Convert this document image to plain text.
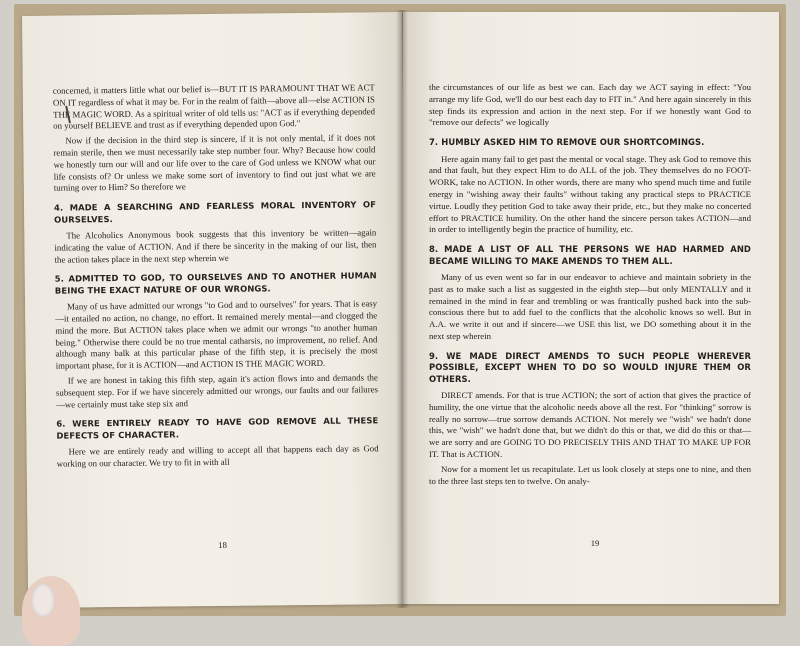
concerned, it matters little what our belief is—BUT IT IS PARAMOUNT THAT WE ACT ON IT regardless of what it may be. For in the realm of faith—above all—else ACTION IS THE MAGIC WORD. As a spiritual writer of old tells us: "ACT as if everything depended on yourself BELIEVE and trust as if everything depended upon God."

Now if the decision in the third step is sincere, if it is not only mental, if it does not remain sterile, then we must necessarily take step number four. Why? Because how could we honestly turn our will and our life over to the care of God unless we KNOW what our life consists of? Or unless we make some sort of inventory to find out just what we are turning over to Him? So therefore we

4. MADE A SEARCHING AND FEARLESS MORAL INVENTORY OF OURSELVES.

The Alcoholics Anonymous book suggests that this inventory be written—again indicating the value of ACTION. And if there be sincerity in the making of our list, then the action takes place in the next step wherein we

5. ADMITTED TO GOD, TO OURSELVES AND TO ANOTHER HUMAN BEING THE EXACT NATURE OF OUR WRONGS.

Many of us have admitted our wrongs "to God and to ourselves" for years. That is easy—it entailed no action, no change, no effort. It remained merely mental—and clogged the mind the more. But ACTION takes place when we admit our wrongs "to another human being." Otherwise there could be no true mental catharsis, no improvement, no relief. And although many balk at this particular phase of the fifth step, it is precisely the most important phase, for it is ACTION—and ACTION IS THE MAGIC WORD.

If we are honest in taking this fifth step, again it's action flows into and demands the subsequent step. For if we have sincerely admitted our wrongs, our faults and our failures—we certainly must take step six and

6. WERE ENTIRELY READY TO HAVE GOD REMOVE ALL THESE DEFECTS OF CHARACTER.

Here we are entirely ready and willing to accept all that happens each day as God working on our character. We try to fit in with all

18

the circumstances of our life as best we can. Each day we ACT saying in effect: "You arrange my life God, we'll do our best each day to FIT in." And here again sincerely in this step finds its expression and action in the next step. For if we honestly want God to "remove our defects" we logically

7. HUMBLY ASKED HIM TO REMOVE OUR SHORTCOMINGS.

Here again many fail to get past the mental or vocal stage. They ask God to remove this and that fault, but they expect Him to do ALL of the job. They themselves do no FOOT-WORK, take no ACTION. In other words, there are many who spend much time and futile energy in "wishing away their faults" without taking any practical steps to PRACTICE virtue. Loudly they petition God to take away their pride, etc., but they make no concerted effort to PRACTICE humility. On the other hand the sincere person takes ACTION—and in order to intelligently begin the practice of humility, etc.

8. MADE A LIST OF ALL THE PERSONS WE HAD HARMED AND BECAME WILLING TO MAKE AMENDS TO THEM ALL.

Many of us even went so far in our endeavor to achieve and maintain sobriety in the past as to make such a list as suggested in the eighth step—but only MENTALLY and it remained in the mind in fear and trembling or was frantically pushed back into the sub-conscious there but to add fuel to the conflicts that the alcoholic knows so well. But in A.A. we write it out and if sincere—we USE this list, we DO something about it in the next step wherein

9. WE MADE DIRECT AMENDS TO SUCH PEOPLE WHEREVER POSSIBLE, EXCEPT WHEN TO DO SO WOULD INJURE THEM OR OTHERS.

DIRECT amends. For that is true ACTION; the sort of action that gives the practice of humility, the one virtue that the alcoholic needs above all the rest. For "thinking" sorrow is really no sorrow—true sorrow demands ACTION. Not merely we "wish" we hadn't done this, we "wish" we hadn't done that, but we didn't do this or that, we did do this or that—we are sorry and are GOING TO DO PRECISELY THIS AND THAT TO MAKE UP FOR IT. That is ACTION.

Now for a moment let us recapitulate. Let us look closely at steps one to nine, and then to the three last steps ten to twelve. On analy-

19
